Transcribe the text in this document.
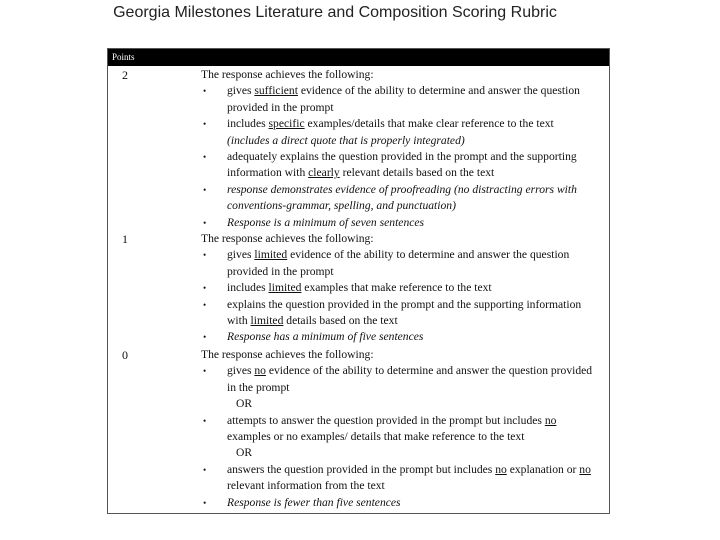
Georgia Milestones Literature and Composition Scoring Rubric
Points
2	The response achieves the following:
• gives sufficient evidence of the ability to determine and answer the question
provided in the prompt
• includes specific examples/details that make clear reference to the text
(includes a direct quote that is properly integrated)
• adequately explains the question provided in the prompt and the supporting
information with clearly relevant details based on the text
• response demonstrates evidence of proofreading (no distracting errors with
conventions-grammar, spelling, and punctuation)
• Response is a minimum of seven sentences
1	The response achieves the following:
• gives limited evidence of the ability to determine and answer the question
provided in the prompt
• includes limited examples that make reference to the text
• explains the question provided in the prompt and the supporting information
with limited details based on the text
• Response has a minimum of five sentences
0	The response achieves the following:
• gives no evidence of the ability to determine and answer the question provided
in the prompt
OR
• attempts to answer the question provided in the prompt but includes no
examples or no examples/ details that make reference to the text
OR
• answers the question provided in the prompt but includes no explanation or no
relevant information from the text
• Response is fewer than five sentences
